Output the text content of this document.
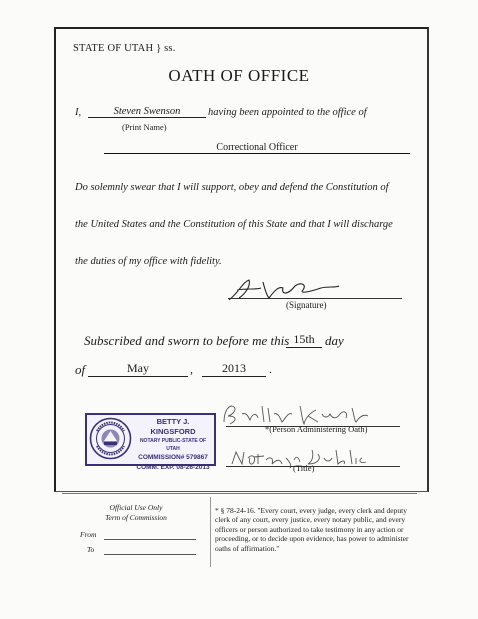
STATE OF UTAH } ss.
OATH OF OFFICE
I,	Steven Swenson	having been appointed to the office of
(Print Name)
Correctional Officer
Do solemnly swear that I will support, obey and defend the Constitution of
the United States and the Constitution of this State and that I will discharge
the duties of my office with fidelity.
(Signature)
Subscribed and sworn to before me this 15th day
of	May	,	2013	.
BETTY J. KINGSFORD
NOTARY PUBLIC-STATE OF UTAH
COMMISSION# 579867
COMM. EXP. 08-26-2013
*(Person Administering Oath)
(Title)
Official Use Only
Term of Commission
From
To
* § 78-24-16. "Every court, every judge, every clerk and deputy clerk of any court, every justice, every notary public, and every officers or person authorized to take testimony in any action or proceeding, or to decide upon evidence, has power to administer oaths of affirmation."
